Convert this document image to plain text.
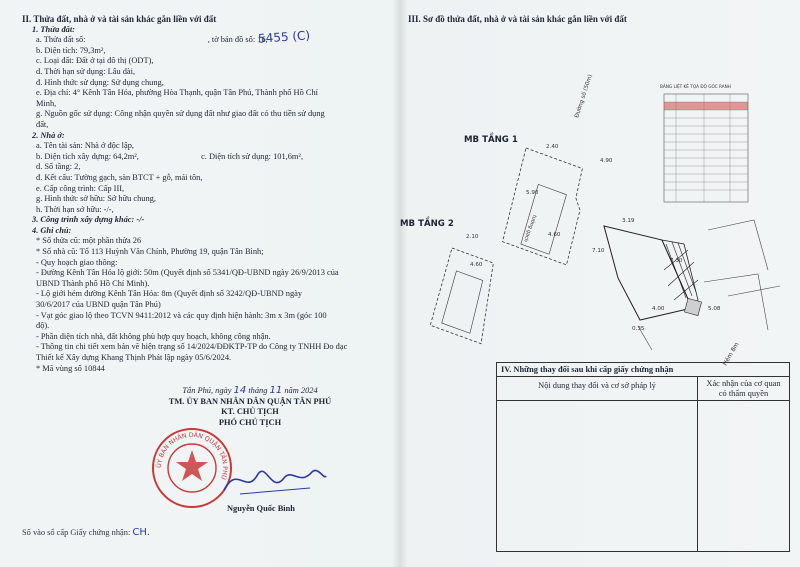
II. Thửa đất, nhà ở và tài sản khác gắn liền với đất
1. Thửa đất:
a. Thửa đất số:	, tờ bản đồ số: 16,
b. Diện tích: 79,3m²,
c. Loại đất: Đất ở tại đô thị (ODT),
d. Thời hạn sử dụng: Lâu dài,
đ. Hình thức sử dụng: Sử dụng chung,
e. Địa chỉ: 4° Kênh Tân Hóa, phường Hòa Thạnh, quận Tân Phú, Thành phố Hồ Chí
Minh,
g. Nguồn gốc sử dụng: Công nhận quyền sử dụng đất như giao đất có thu tiền sử dụng
đất,
2. Nhà ở:
a. Tên tài sản: Nhà ở độc lập,
b. Diện tích xây dựng: 64,2m²,	c. Diện tích sử dụng: 101,6m²,
d. Số tầng: 2,
đ. Kết cấu: Tường gạch, sàn BTCT + gỗ, mái tôn,
e. Cấp công trình: Cấp III,
g. Hình thức sở hữu: Sở hữu chung,
h. Thời hạn sở hữu: -/-,
3. Công trình xây dựng khác: -/-
4. Ghi chú:
* Số thửa cũ: một phần thửa 26
* Số nhà cũ: Tổ 113 Huỳnh Văn Chính, Phường 19, quận Tân Bình;
- Quy hoạch giao thông:
- Đường Kênh Tân Hóa lộ giới: 50m (Quyết định số 5341/QĐ-UBND ngày 26/9/2013 của
UBND Thành phố Hồ Chí Minh).
- Lộ giới hẻm đường Kênh Tân Hóa: 8m (Quyết định số 3242/QĐ-UBND ngày
30/6/2017 của UBND quận Tân Phú)
- Vạt góc giao lộ theo TCVN 9411:2012 và các quy định hiện hành: 3m x 3m (góc 100
độ).
- Phần diện tích nhà, đất không phù hợp quy hoạch, không công nhận.
- Thông tin chi tiết xem bản vẽ hiện trạng số 14/2024/ĐĐKTP-TP do Công ty TNHH Đo đạc
Thiết kế Xây dựng Khang Thịnh Phát lập ngày 05/6/2024.
* Mã vùng số 10844
5455 (C)
Tân Phú, ngày 14 tháng 11 năm 2024
TM. ỦY BAN NHÂN DÂN QUẬN TÂN PHÚ
KT. CHỦ TỊCH
PHÓ CHỦ TỊCH
ỦY BAN NHÂN DÂN QUẬN TÂN PHÚ
Nguyễn Quốc Bình
Số vào sổ cấp Giấy chứng nhận: CH.
III. Sơ đồ thửa đất, nhà ở và tài sản khác gắn liền với đất
BẢNG LIỆT KÊ TỌA ĐỘ GÓC RANH
Đường số (50m)
MB TẦNG 1
tường gạch
MB TẦNG 2
Hẻm 8m
2.40
4.90
5.90
4.60
4.60
3.19
2.10
7.10
7.30
5.08
4.00
0.35
IV. Những thay đổi sau khi cấp giấy chứng nhận
Nội dung thay đổi và cơ sở pháp lý	Xác nhận của cơ quan
có thẩm quyền
